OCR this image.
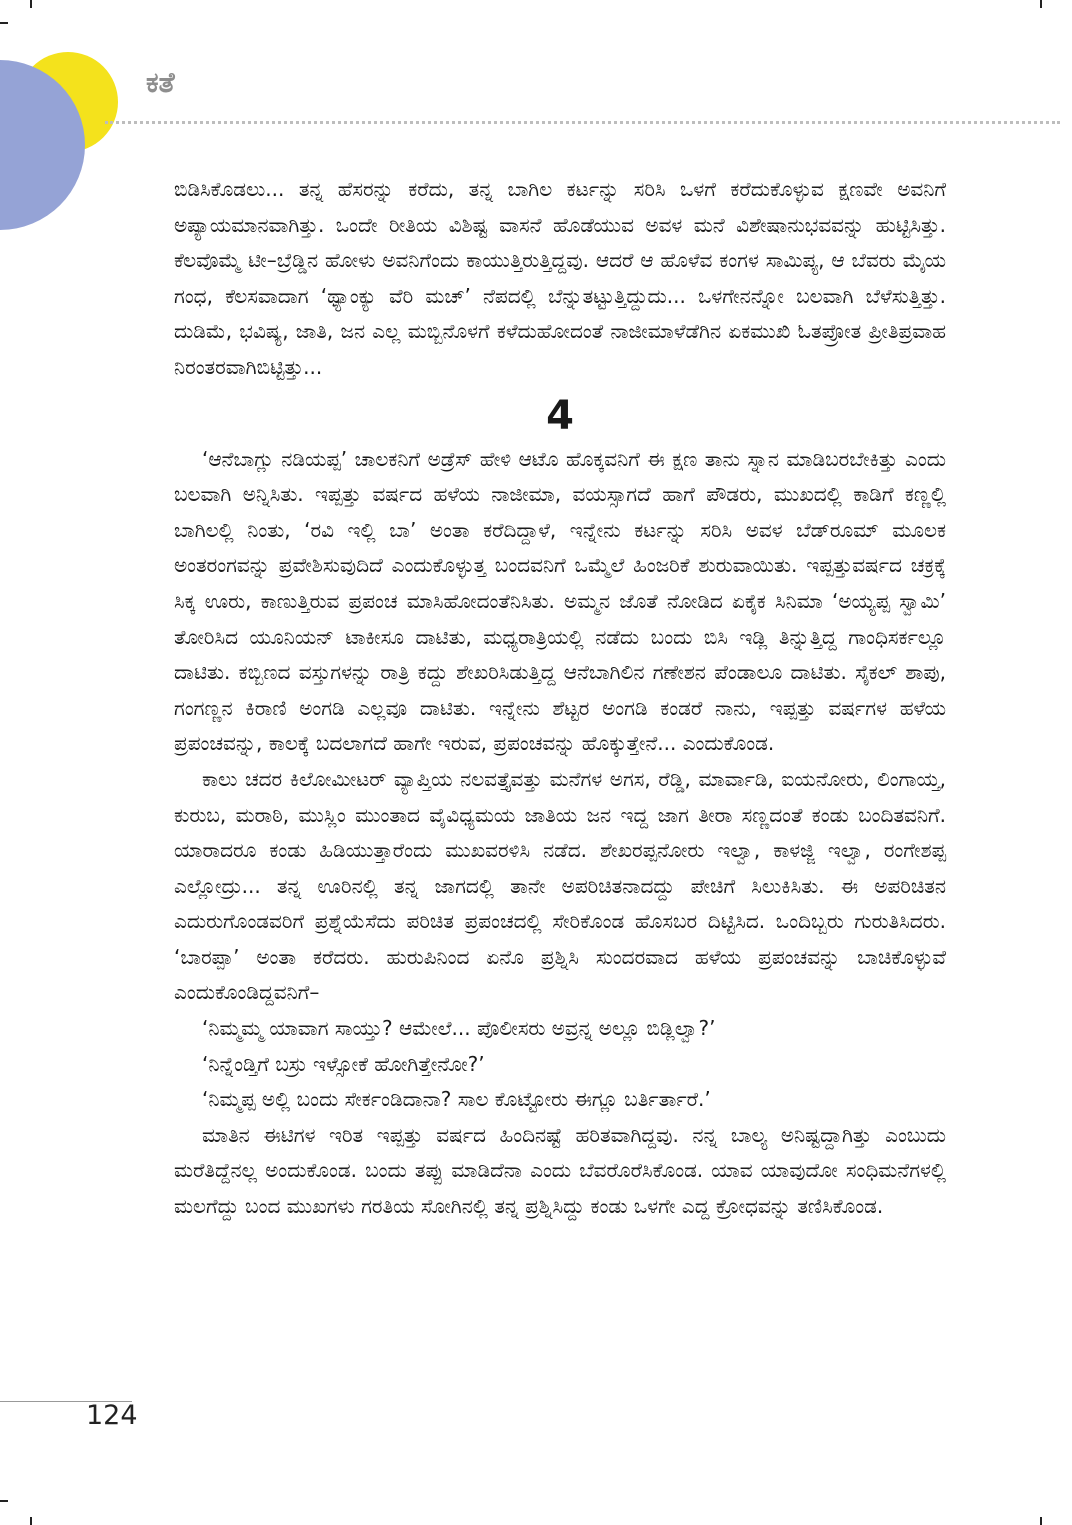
ಕತೆ

ಬಿಡಿಸಿಕೊಡಲು... ತನ್ನ ಹೆಸರನ್ನು ಕರೆದು, ತನ್ನ ಬಾಗಿಲ ಕರ್ಟನ್ನು ಸರಿಸಿ ಒಳಗೆ ಕರೆದುಕೊಳ್ಳುವ ಕ್ಷಣವೇ ಅವನಿಗೆ ಅಪ್ಯಾಯಮಾನವಾಗಿತ್ತು. ಒಂದೇ ರೀತಿಯ ವಿಶಿಷ್ಟ ವಾಸನೆ ಹೊಡೆಯುವ ಅವಳ ಮನೆ ವಿಶೇಷಾನುಭವವನ್ನು ಹುಟ್ಟಿಸಿತ್ತು. ಕೆಲವೊಮ್ಮೆ ಟೀ–ಬ್ರೆಡ್ಡಿನ ಹೋಳು ಅವನಿಗೆಂದು ಕಾಯುತ್ತಿರುತ್ತಿದ್ದವು. ಆದರೆ ಆ ಹೊಳೆವ ಕಂಗಳ ಸಾಮಿಪ್ಯ, ಆ ಬೆವರು ಮೈಯ ಗಂಧ, ಕೆಲಸವಾದಾಗ ‘ಥ್ಯಾಂಕ್ಯು ವೆರಿ ಮಚ್’ ನೆಪದಲ್ಲಿ ಬೆನ್ನುತಟ್ಟುತ್ತಿದ್ದುದು... ಒಳಗೇನನ್ನೋ ಬಲವಾಗಿ ಬೆಳೆಸುತ್ತಿತ್ತು. ದುಡಿಮೆ, ಭವಿಷ್ಯ, ಜಾತಿ, ಜನ ಎಲ್ಲ ಮಬ್ಬಿನೊಳಗೆ ಕಳೆದುಹೋದಂತೆ ನಾಜೀಮಾಳೆಡೆಗಿನ ಏಕಮುಖಿ ಓತಪ್ರೋತ ಪ್ರೀತಿಪ್ರವಾಹ ನಿರಂತರವಾಗಿಬಿಟ್ಟಿತ್ತು...

4

‘ಆನೆಬಾಗ್ಲು ನಡಿಯಪ್ಪ’ ಚಾಲಕನಿಗೆ ಅಡ್ರೆಸ್ ಹೇಳಿ ಆಟೊ ಹೊಕ್ಕವನಿಗೆ ಈ ಕ್ಷಣ ತಾನು ಸ್ನಾನ ಮಾಡಿಬರಬೇಕಿತ್ತು ಎಂದು ಬಲವಾಗಿ ಅನ್ನಿಸಿತು. ಇಪ್ಪತ್ತು ವರ್ಷದ ಹಳೆಯ ನಾಜೀಮಾ, ವಯಸ್ಸಾಗದೆ ಹಾಗೆ ಪೌಡರು, ಮುಖದಲ್ಲಿ ಕಾಡಿಗೆ ಕಣ್ಣಲ್ಲಿ ಬಾಗಿಲಲ್ಲಿ ನಿಂತು, ‘ರವಿ ಇಲ್ಲಿ ಬಾ’ ಅಂತಾ ಕರೆದಿದ್ದಾಳೆ, ಇನ್ನೇನು ಕರ್ಟನ್ನು ಸರಿಸಿ ಅವಳ ಬೆಡ್‌ರೂಮ್ ಮೂಲಕ ಅಂತರಂಗವನ್ನು ಪ್ರವೇಶಿಸುವುದಿದೆ ಎಂದುಕೊಳ್ಳುತ್ತ ಬಂದವನಿಗೆ ಒಮ್ಮೆಲೆ ಹಿಂಜರಿಕೆ ಶುರುವಾಯಿತು. ಇಪ್ಪತ್ತುವರ್ಷದ ಚಕ್ರಕ್ಕೆ ಸಿಕ್ಕ ಊರು, ಕಾಣುತ್ತಿರುವ ಪ್ರಪಂಚ ಮಾಸಿಹೋದಂತೆನಿಸಿತು. ಅಮ್ಮನ ಜೊತೆ ನೋಡಿದ ಏಕೈಕ ಸಿನಿಮಾ ‘ಅಯ್ಯಪ್ಪ ಸ್ವಾಮಿ’ ತೋರಿಸಿದ ಯೂನಿಯನ್ ಟಾಕೀಸೂ ದಾಟಿತು, ಮಧ್ಯರಾತ್ರಿಯಲ್ಲಿ ನಡೆದು ಬಂದು ಬಿಸಿ ಇಡ್ಲಿ ತಿನ್ನುತ್ತಿದ್ದ ಗಾಂಧಿಸರ್ಕಲ್ಲೂ ದಾಟಿತು. ಕಬ್ಬಿಣದ ವಸ್ತುಗಳನ್ನು ರಾತ್ರಿ ಕದ್ದು ಶೇಖರಿಸಿಡುತ್ತಿದ್ದ ಆನೆಬಾಗಿಲಿನ ಗಣೇಶನ ಪೆಂಡಾಲೂ ದಾಟಿತು. ಸೈಕಲ್ ಶಾಪು, ಗಂಗಣ್ಣನ ಕಿರಾಣಿ ಅಂಗಡಿ ಎಲ್ಲವೂ ದಾಟಿತು. ಇನ್ನೇನು ಶೆಟ್ಟರ ಅಂಗಡಿ ಕಂಡರೆ ನಾನು, ಇಪ್ಪತ್ತು ವರ್ಷಗಳ ಹಳೆಯ ಪ್ರಪಂಚವನ್ನು, ಕಾಲಕ್ಕೆ ಬದಲಾಗದೆ ಹಾಗೇ ಇರುವ, ಪ್ರಪಂಚವನ್ನು ಹೊಕ್ಕುತ್ತೇನೆ... ಎಂದುಕೊಂಡ.

ಕಾಲು ಚದರ ಕಿಲೋಮೀಟರ್ ವ್ಯಾಪ್ತಿಯ ನಲವತ್ತೈವತ್ತು ಮನೆಗಳ ಅಗಸ, ರೆಡ್ಡಿ, ಮಾರ್ವಾಡಿ, ಐಯನೋರು, ಲಿಂಗಾಯ್ತ, ಕುರುಬ, ಮರಾಠಿ, ಮುಸ್ಲಿಂ ಮುಂತಾದ ವೈವಿಧ್ಯಮಯ ಜಾತಿಯ ಜನ ಇದ್ದ ಜಾಗ ತೀರಾ ಸಣ್ಣದಂತೆ ಕಂಡು ಬಂದಿತವನಿಗೆ. ಯಾರಾದರೂ ಕಂಡು ಹಿಡಿಯುತ್ತಾರೆಂದು ಮುಖವರಳಿಸಿ ನಡೆದ. ಶೇಖರಪ್ಪನೋರು ಇಲ್ವಾ, ಕಾಳಜ್ಜಿ ಇಲ್ವಾ, ರಂಗೇಶಪ್ಪ ಎಲ್ಲೋದ್ರು... ತನ್ನ ಊರಿನಲ್ಲಿ ತನ್ನ ಜಾಗದಲ್ಲಿ ತಾನೇ ಅಪರಿಚಿತನಾದದ್ದು ಪೇಚಿಗೆ ಸಿಲುಕಿಸಿತು. ಈ ಅಪರಿಚಿತನ ಎದುರುಗೊಂಡವರಿಗೆ ಪ್ರಶ್ನೆಯೆಸೆದು ಪರಿಚಿತ ಪ್ರಪಂಚದಲ್ಲಿ ಸೇರಿಕೊಂಡ ಹೊಸಬರ ದಿಟ್ಟಿಸಿದ. ಒಂದಿಬ್ಬರು ಗುರುತಿಸಿದರು. ‘ಬಾರಪ್ಪಾ’ ಅಂತಾ ಕರೆದರು. ಹುರುಪಿನಿಂದ ಏನೊ ಪ್ರಶ್ನಿಸಿ ಸುಂದರವಾದ ಹಳೆಯ ಪ್ರಪಂಚವನ್ನು ಬಾಚಿಕೊಳ್ಳುವೆ ಎಂದುಕೊಂಡಿದ್ದವನಿಗೆ–

‘ನಿಮ್ಮಮ್ಮ ಯಾವಾಗ ಸಾಯ್ತು? ಆಮೇಲೆ... ಪೊಲೀಸರು ಅವ್ರನ್ನ ಅಲ್ಲೂ ಬಿಡ್ಲಿಲ್ವಾ?’

‘ನಿನ್ನೆಂಡ್ತಿಗೆ ಬಸ್ರು ಇಳ್ಸೋಕೆ ಹೋಗಿತ್ತೇನೋ?’

‘ನಿಮ್ಮಪ್ಪ ಅಲ್ಲಿ ಬಂದು ಸೇರ್ಕಂಡಿದಾನಾ? ಸಾಲ ಕೊಟ್ಟೋರು ಈಗ್ಲೂ ಬರ್ತಿರ್ತಾರೆ.’

ಮಾತಿನ ಈಟಿಗಳ ಇರಿತ ಇಪ್ಪತ್ತು ವರ್ಷದ ಹಿಂದಿನಷ್ಟೆ ಹರಿತವಾಗಿದ್ದವು. ನನ್ನ ಬಾಲ್ಯ ಅನಿಷ್ಟದ್ದಾಗಿತ್ತು ಎಂಬುದು ಮರೆತಿದ್ದೆನಲ್ಲ ಅಂದುಕೊಂಡ. ಬಂದು ತಪ್ಪು ಮಾಡಿದೆನಾ ಎಂದು ಬೆವರೊರೆಸಿಕೊಂಡ. ಯಾವ ಯಾವುದೋ ಸಂಧಿಮನೆಗಳಲ್ಲಿ ಮಲಗೆದ್ದು ಬಂದ ಮುಖಗಳು ಗರತಿಯ ಸೋಗಿನಲ್ಲಿ ತನ್ನ ಪ್ರಶ್ನಿಸಿದ್ದು ಕಂಡು ಒಳಗೇ ಎದ್ದ ಕ್ರೋಧವನ್ನು ತಣಿಸಿಕೊಂಡ.

124
